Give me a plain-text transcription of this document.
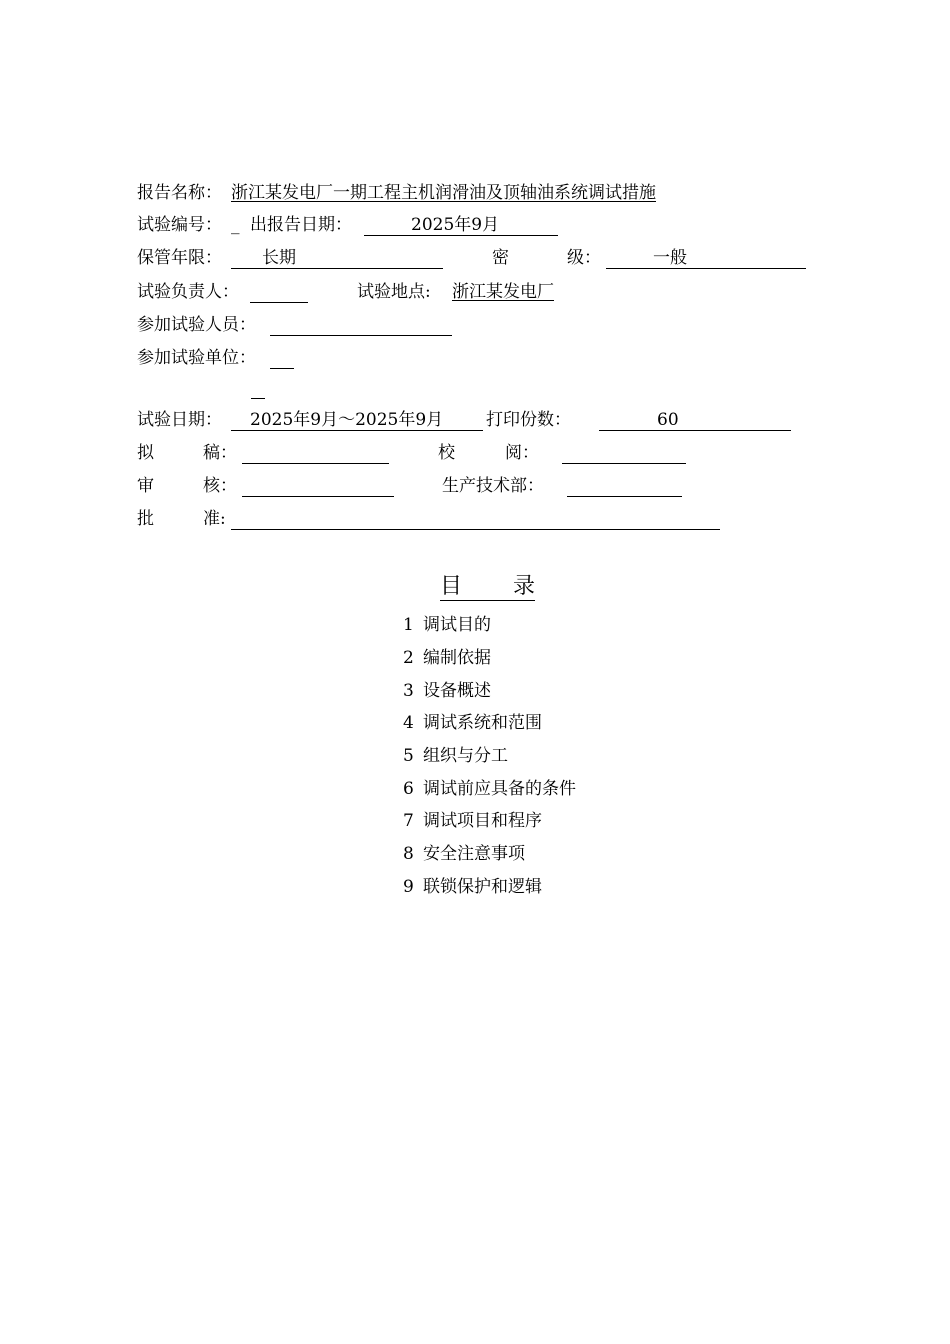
报告名称： 浙江某发电厂一期工程主机润滑油及顶轴油系统调试措施
试验编号： _ 出报告日期：	2025年9月
保管年限： 长期	密	级：	一般
试验负责人：	试验地点: 浙江某发电厂
参加试验人员：
参加试验单位：
试验日期： 2025年9月～2025年9月	打印份数：	60
拟	稿：	校	阅：
审	核：	生产技术部：
批	准:
目 录
1 调试目的
2 编制依据
3 设备概述
4 调试系统和范围
5 组织与分工
6 调试前应具备的条件
7 调试项目和程序
8 安全注意事项
9 联锁保护和逻辑
